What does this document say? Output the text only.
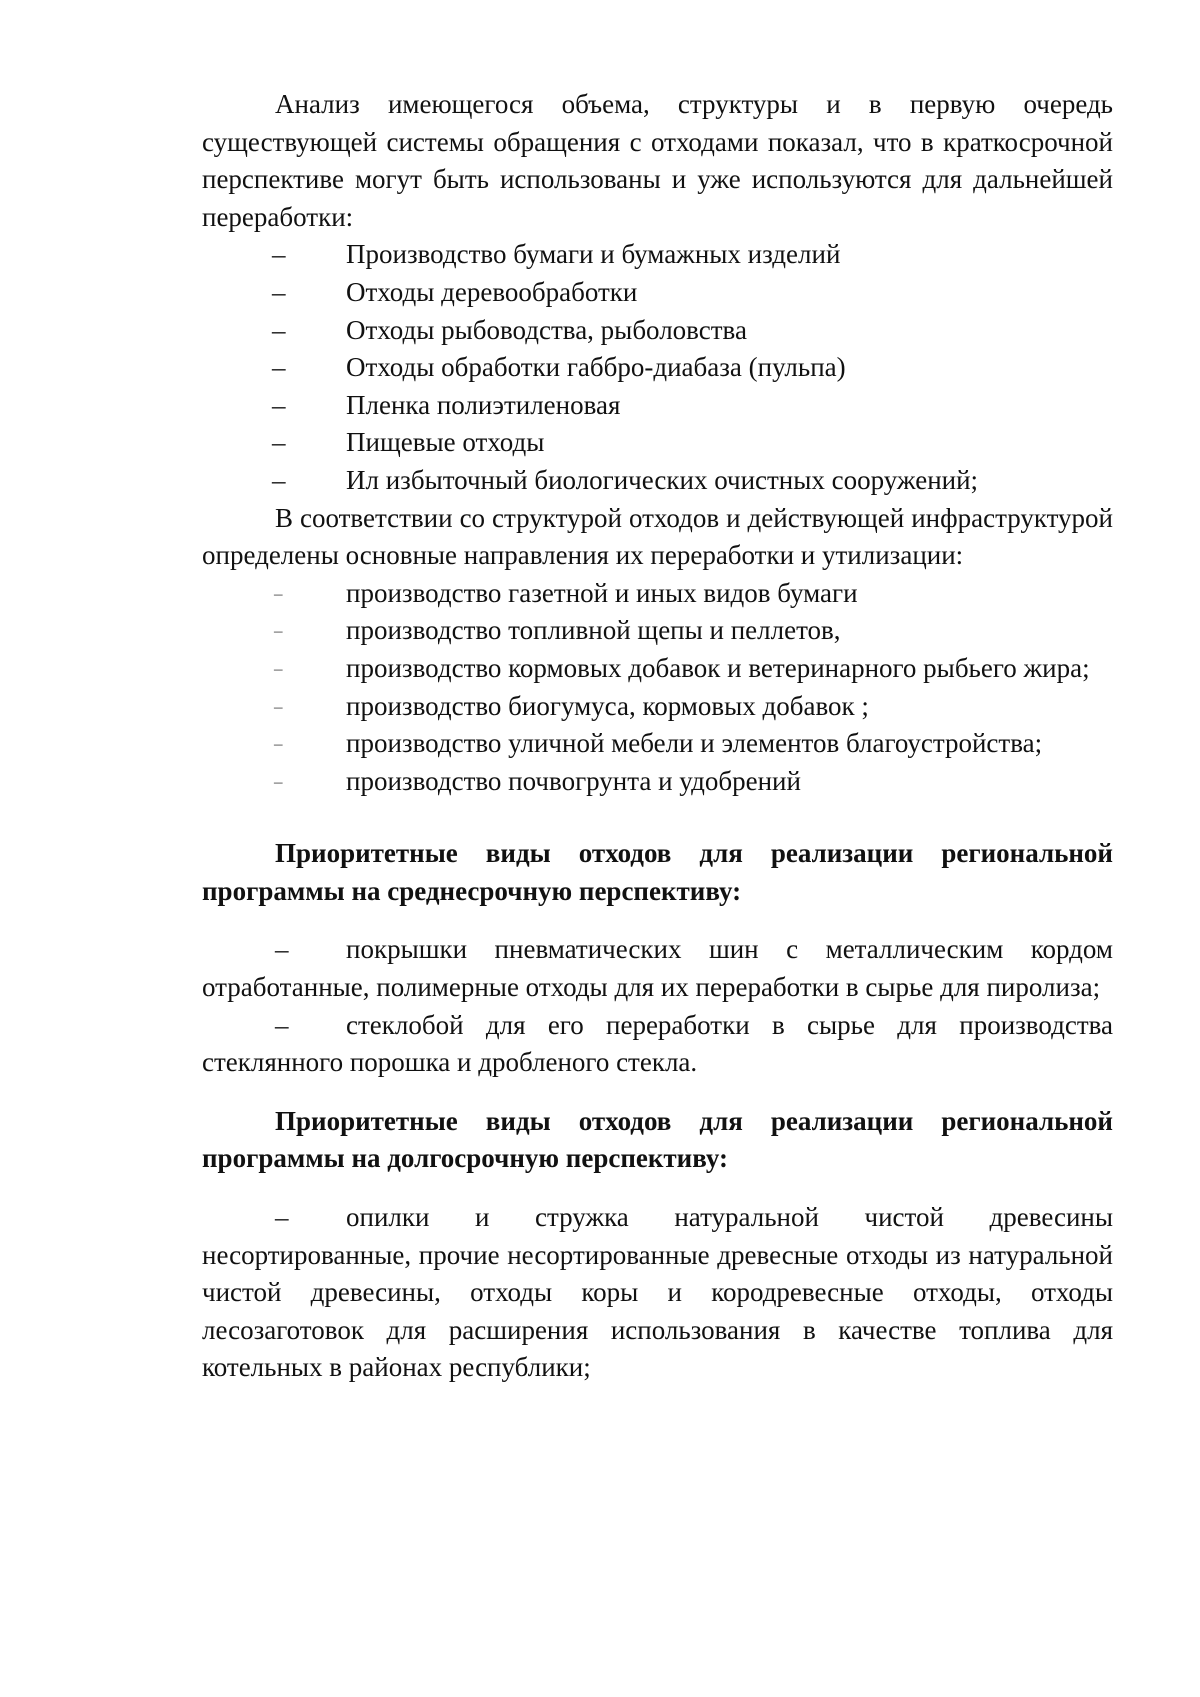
Анализ имеющегося объема, структуры и в первую очередь существующей системы обращения с отходами показал, что в краткосрочной перспективе могут быть использованы и уже используются для дальнейшей переработки:

– Производство бумаги и бумажных изделий
– Отходы деревообработки
– Отходы рыбоводства, рыболовства
– Отходы обработки габбро-диабаза (пульпа)
– Пленка полиэтиленовая
– Пищевые отходы
– Ил избыточный биологических очистных сооружений;

В соответствии со структурой отходов и действующей инфраструктурой определены основные направления их переработки и утилизации:

– производство газетной и иных видов бумаги
– производство топливной щепы и пеллетов,
– производство кормовых добавок и ветеринарного рыбьего жира;
– производство биогумуса, кормовых добавок ;
– производство уличной мебели и элементов благоустройства;
– производство почвогрунта и удобрений

Приоритетные виды отходов для реализации региональной программы на среднесрочную перспективу:

– покрышки пневматических шин с металлическим кордом отработанные, полимерные отходы для их переработки в сырье для пиролиза;

– стеклобой для его переработки в сырье для производства стеклянного порошка и дробленого стекла.

Приоритетные виды отходов для реализации региональной программы на долгосрочную перспективу:

– опилки и стружка натуральной чистой древесины несортированные, прочие несортированные древесные отходы из натуральной чистой древесины, отходы коры и кородревесные отходы, отходы лесозаготовок для расширения использования в качестве топлива для котельных в районах республики;
